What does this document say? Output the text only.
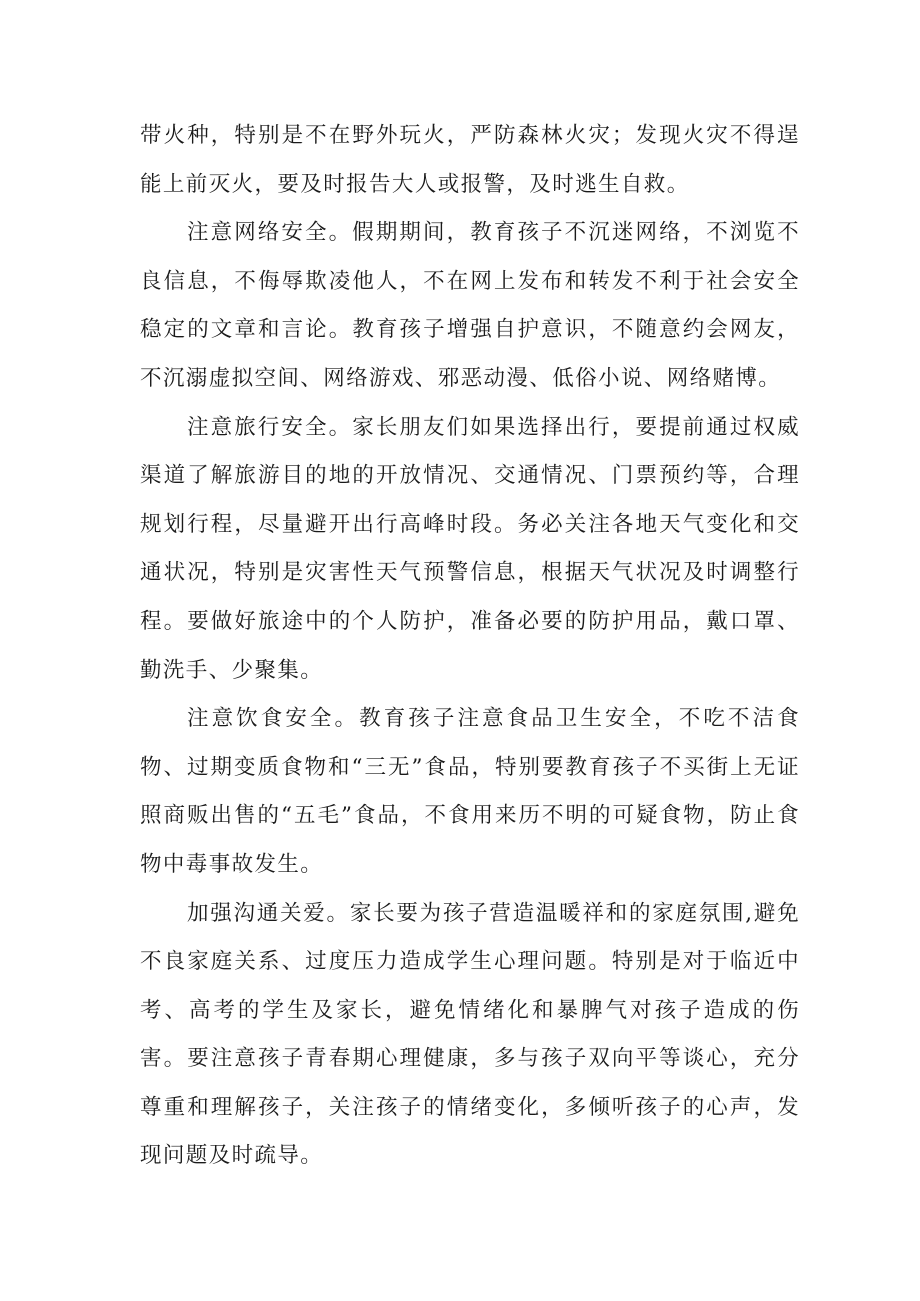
带火种，特别是不在野外玩火，严防森林火灾；发现火灾不得逞能上前灭火，要及时报告大人或报警，及时逃生自救。

注意网络安全。假期期间，教育孩子不沉迷网络，不浏览不良信息，不侮辱欺凌他人，不在网上发布和转发不利于社会安全稳定的文章和言论。教育孩子增强自护意识，不随意约会网友，不沉溺虚拟空间、网络游戏、邪恶动漫、低俗小说、网络赌博。

注意旅行安全。家长朋友们如果选择出行，要提前通过权威渠道了解旅游目的地的开放情况、交通情况、门票预约等，合理规划行程，尽量避开出行高峰时段。务必关注各地天气变化和交通状况，特别是灾害性天气预警信息，根据天气状况及时调整行程。要做好旅途中的个人防护，准备必要的防护用品，戴口罩、勤洗手、少聚集。

注意饮食安全。教育孩子注意食品卫生安全，不吃不洁食物、过期变质食物和“三无”食品，特别要教育孩子不买街上无证照商贩出售的“五毛”食品，不食用来历不明的可疑食物，防止食物中毒事故发生。

加强沟通关爱。家长要为孩子营造温暖祥和的家庭氛围,避免不良家庭关系、过度压力造成学生心理问题。特别是对于临近中考、高考的学生及家长，避免情绪化和暴脾气对孩子造成的伤害。要注意孩子青春期心理健康，多与孩子双向平等谈心，充分尊重和理解孩子，关注孩子的情绪变化，多倾听孩子的心声，发现问题及时疏导。
